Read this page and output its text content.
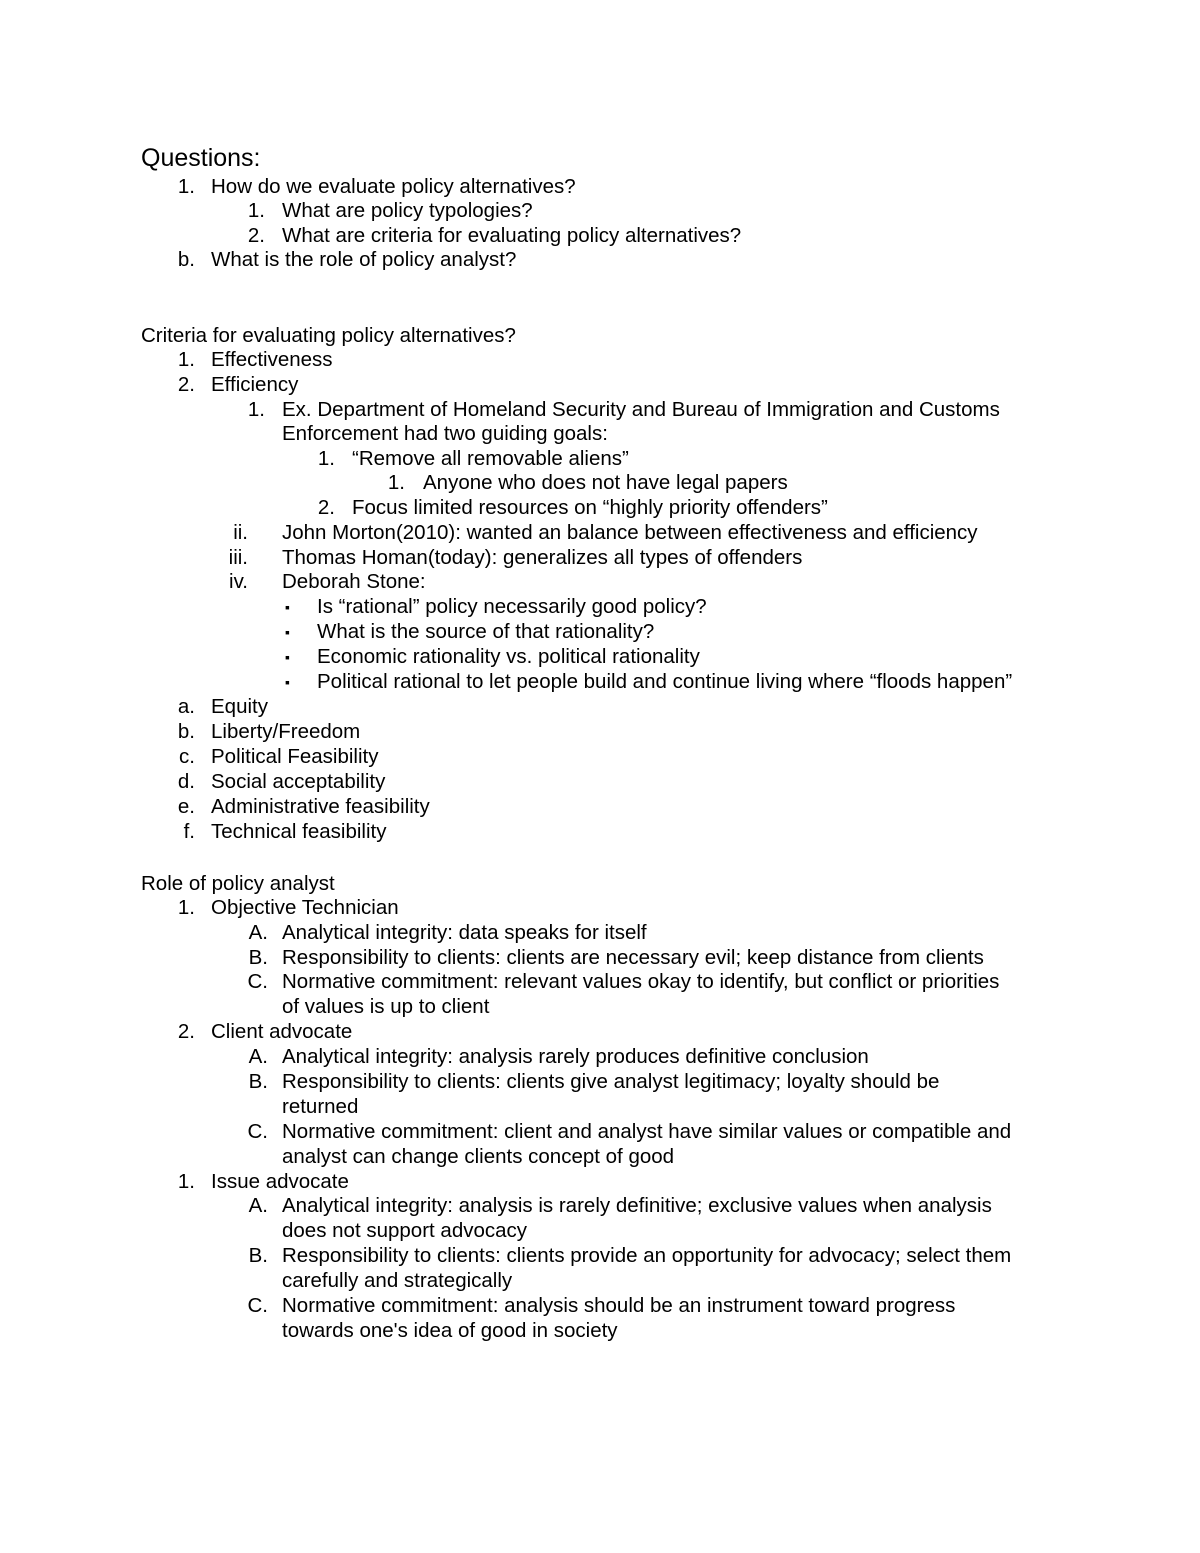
Questions:
1. How do we evaluate policy alternatives?
1. What are policy typologies?
2. What are criteria for evaluating policy alternatives?
b. What is the role of policy analyst?
Criteria for evaluating policy alternatives?
1. Effectiveness
2. Efficiency
1. Ex. Department of Homeland Security and Bureau of Immigration and Customs
Enforcement had two guiding goals:
1. “Remove all removable aliens”
1. Anyone who does not have legal papers
2. Focus limited resources on “highly priority offenders”
ii. John Morton(2010): wanted an balance between effectiveness and efficiency
iii. Thomas Homan(today): generalizes all types of offenders
iv. Deborah Stone:
▪ Is “rational” policy necessarily good policy?
▪ What is the source of that rationality?
▪ Economic rationality vs. political rationality
▪ Political rational to let people build and continue living where “floods happen”
a. Equity
b. Liberty/Freedom
c. Political Feasibility
d. Social acceptability
e. Administrative feasibility
f. Technical feasibility
Role of policy analyst
1. Objective Technician
A. Analytical integrity: data speaks for itself
B. Responsibility to clients: clients are necessary evil; keep distance from clients
C. Normative commitment: relevant values okay to identify, but conflict or priorities
of values is up to client
2. Client advocate
A. Analytical integrity: analysis rarely produces definitive conclusion
B. Responsibility to clients: clients give analyst legitimacy; loyalty should be
returned
C. Normative commitment: client and analyst have similar values or compatible and
analyst can change clients concept of good
1. Issue advocate
A. Analytical integrity: analysis is rarely definitive; exclusive values when analysis
does not support advocacy
B. Responsibility to clients: clients provide an opportunity for advocacy; select them
carefully and strategically
C. Normative commitment: analysis should be an instrument toward progress
towards one's idea of good in society
